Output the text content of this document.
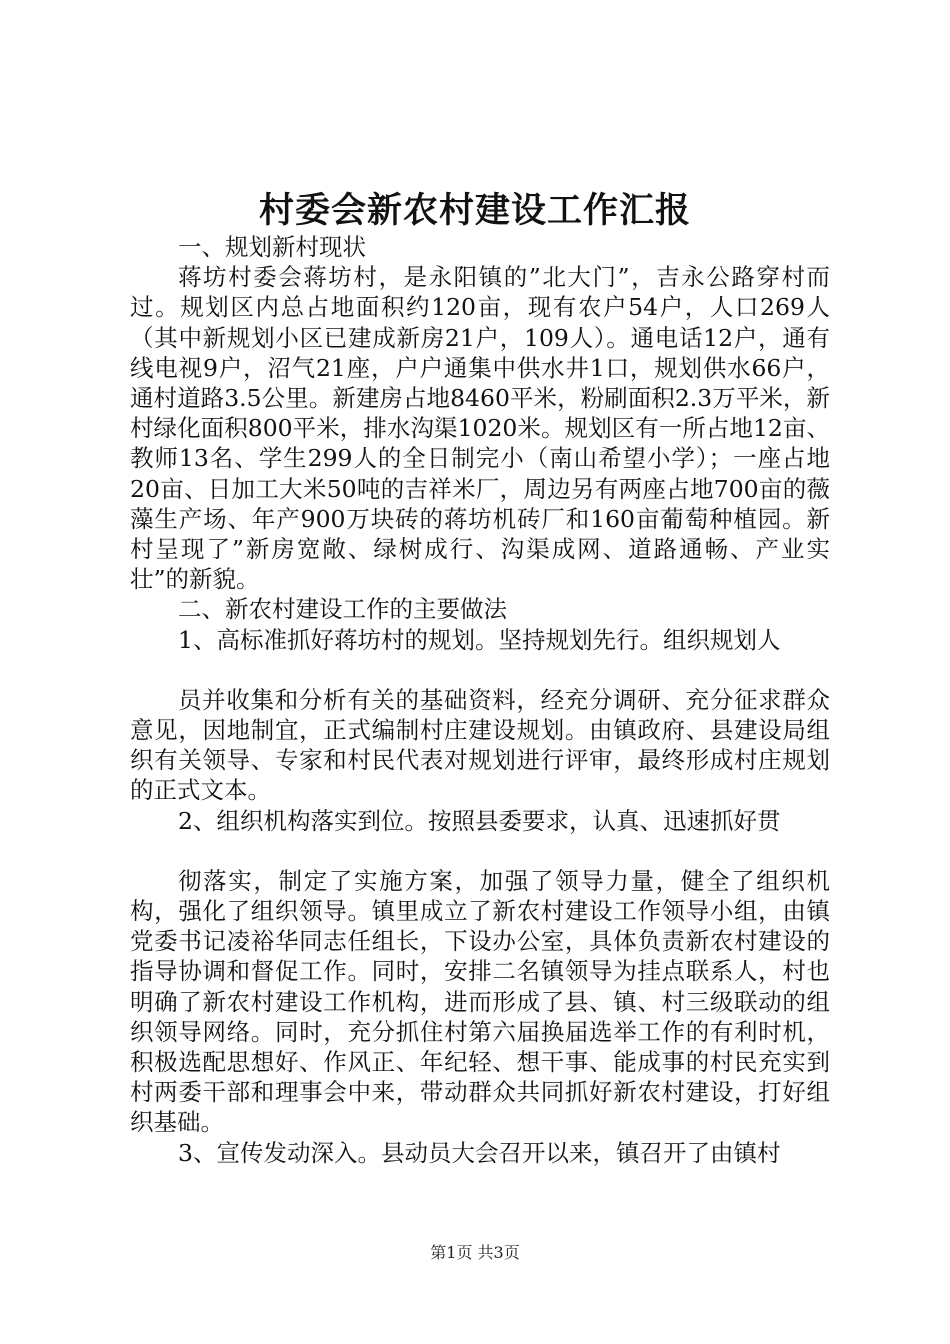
村委会新农村建设工作汇报

一、规划新村现状

蒋坊村委会蒋坊村，是永阳镇的”北大门”，吉永公路穿村而过。规划区内总占地面积约120亩，现有农户54户，人口269人（其中新规划小区已建成新房21户，109人）。通电话12户，通有线电视9户，沼气21座，户户通集中供水井1口，规划供水66户，通村道路3.5公里。新建房占地8460平米，粉刷面积2.3万平米，新村绿化面积800平米，排水沟渠1020米。规划区有一所占地12亩、教师13名、学生299人的全日制完小（南山希望小学）；一座占地20亩、日加工大米50吨的吉祥米厂，周边另有两座占地700亩的薇藻生产场、年产900万块砖的蒋坊机砖厂和160亩葡萄种植园。新村呈现了”新房宽敞、绿树成行、沟渠成网、道路通畅、产业实壮”的新貌。

二、新农村建设工作的主要做法

1、高标准抓好蒋坊村的规划。坚持规划先行。组织规划人

员并收集和分析有关的基础资料，经充分调研、充分征求群众意见，因地制宜，正式编制村庄建设规划。由镇政府、县建设局组织有关领导、专家和村民代表对规划进行评审，最终形成村庄规划的正式文本。

2、组织机构落实到位。按照县委要求，认真、迅速抓好贯

彻落实，制定了实施方案，加强了领导力量，健全了组织机构，强化了组织领导。镇里成立了新农村建设工作领导小组，由镇党委书记凌裕华同志任组长，下设办公室，具体负责新农村建设的指导协调和督促工作。同时，安排二名镇领导为挂点联系人，村也明确了新农村建设工作机构，进而形成了县、镇、村三级联动的组织领导网络。同时，充分抓住村第六届换届选举工作的有利时机，积极选配思想好、作风正、年纪轻、想干事、能成事的村民充实到村两委干部和理事会中来，带动群众共同抓好新农村建设，打好组织基础。

3、宣传发动深入。县动员大会召开以来，镇召开了由镇村

第1页 共3页
